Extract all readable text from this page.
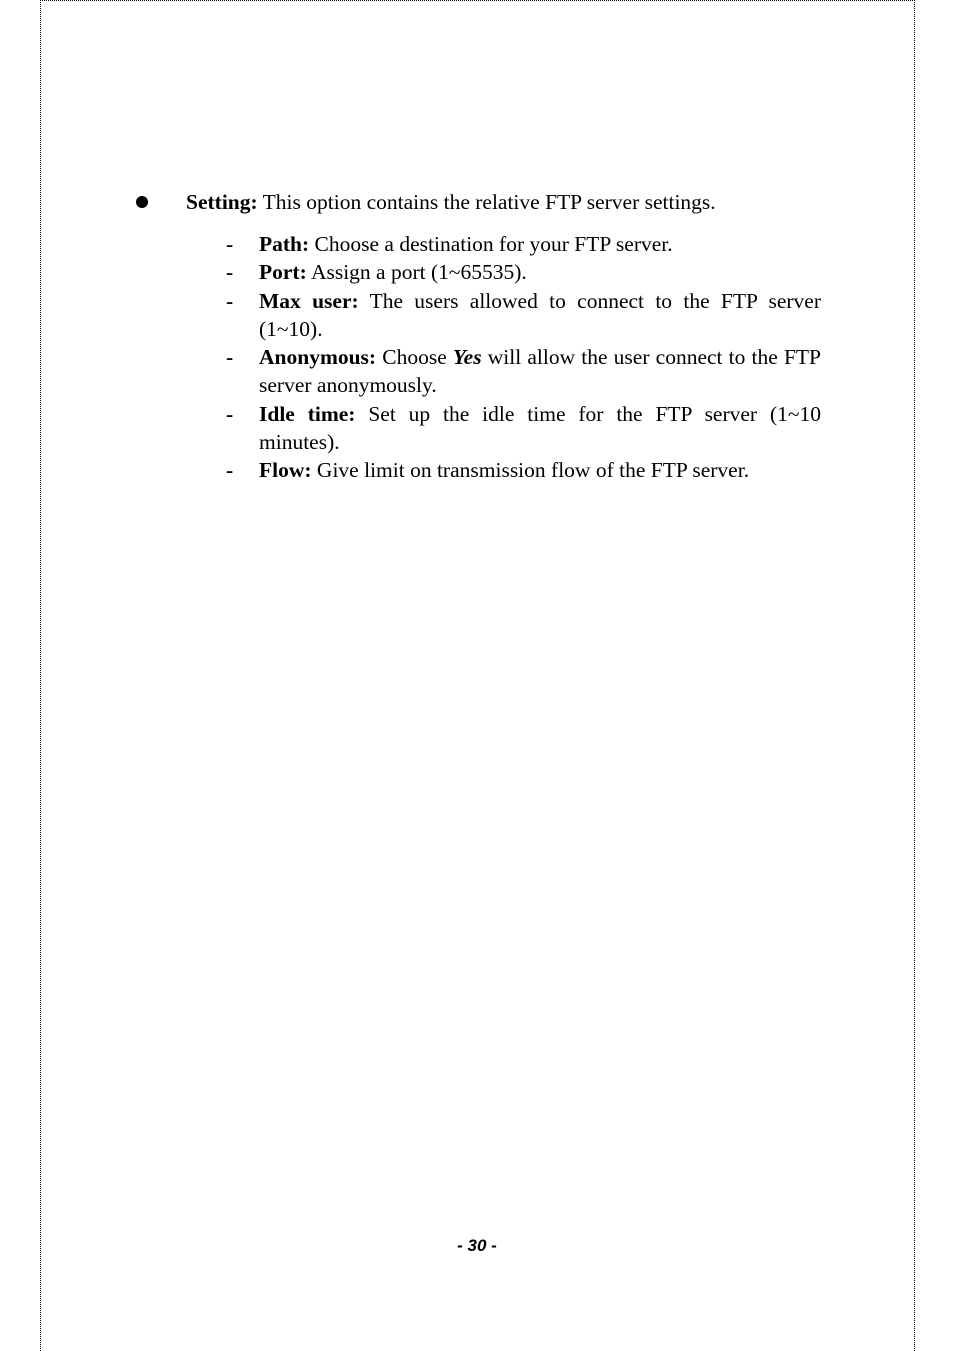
Setting: This option contains the relative FTP server settings.
- Path: Choose a destination for your FTP server.
- Port: Assign a port (1~65535).
- Max user: The users allowed to connect to the FTP server (1~10).
- Anonymous: Choose Yes will allow the user connect to the FTP server anonymously.
- Idle time: Set up the idle time for the FTP server (1~10 minutes).
- Flow: Give limit on transmission flow of the FTP server.
- 30 -
